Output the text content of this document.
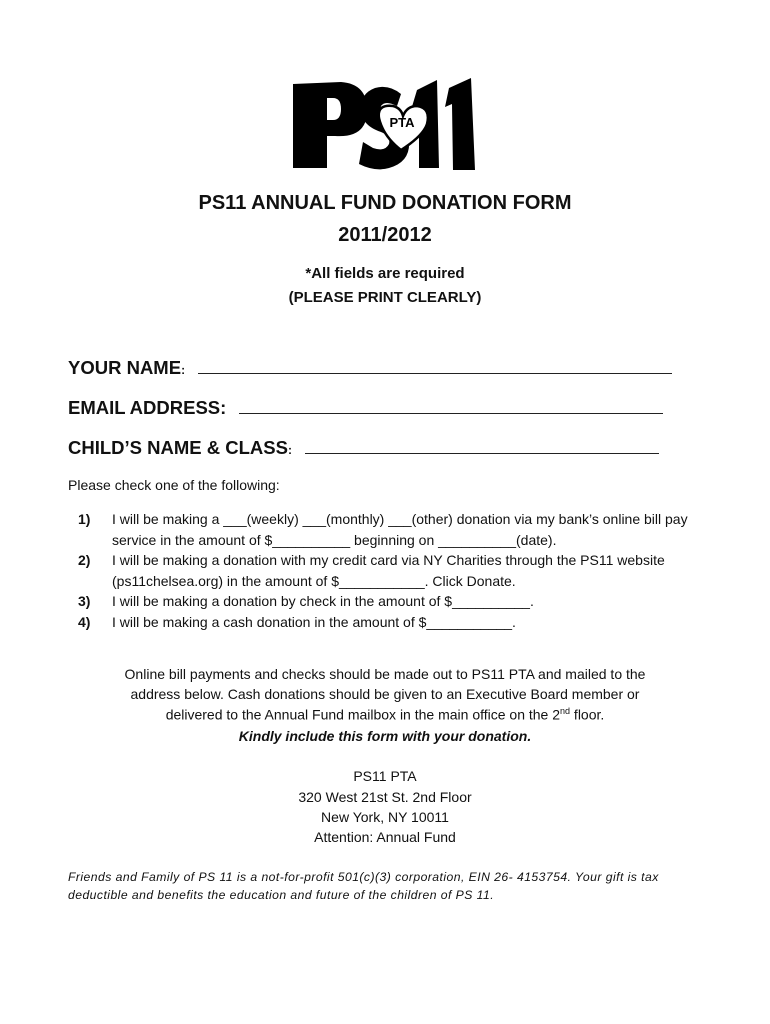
PTA
PS11 ANNUAL FUND DONATION FORM
2011/2012
*All fields are required
(PLEASE PRINT CLEARLY)
YOUR NAME:
EMAIL ADDRESS:
CHILD’S NAME & CLASS:
Please check one of the following:
1)	I will be making a ___(weekly) ___(monthly) ___(other) donation via my bank’s online bill pay service in the amount of $__________ beginning on __________(date).
2)	I will be making a donation with my credit card via NY Charities through the PS11 website (ps11chelsea.org) in the amount of $___________. Click Donate.
3)	I will be making a donation by check in the amount of $__________.
4)	I will be making a cash donation in the amount of $___________.
Online bill payments and checks should be made out to PS11 PTA and mailed to the
address below. Cash donations should be given to an Executive Board member or
delivered to the Annual Fund mailbox in the main office on the 2nd floor.
Kindly include this form with your donation.
PS11 PTA
320 West 21st St. 2nd Floor
New York, NY 10011
Attention: Annual Fund
Friends and Family of PS 11 is a not-for-profit 501(c)(3) corporation, EIN 26- 4153754. Your gift is tax
deductible and benefits the education and future of the children of PS 11.
